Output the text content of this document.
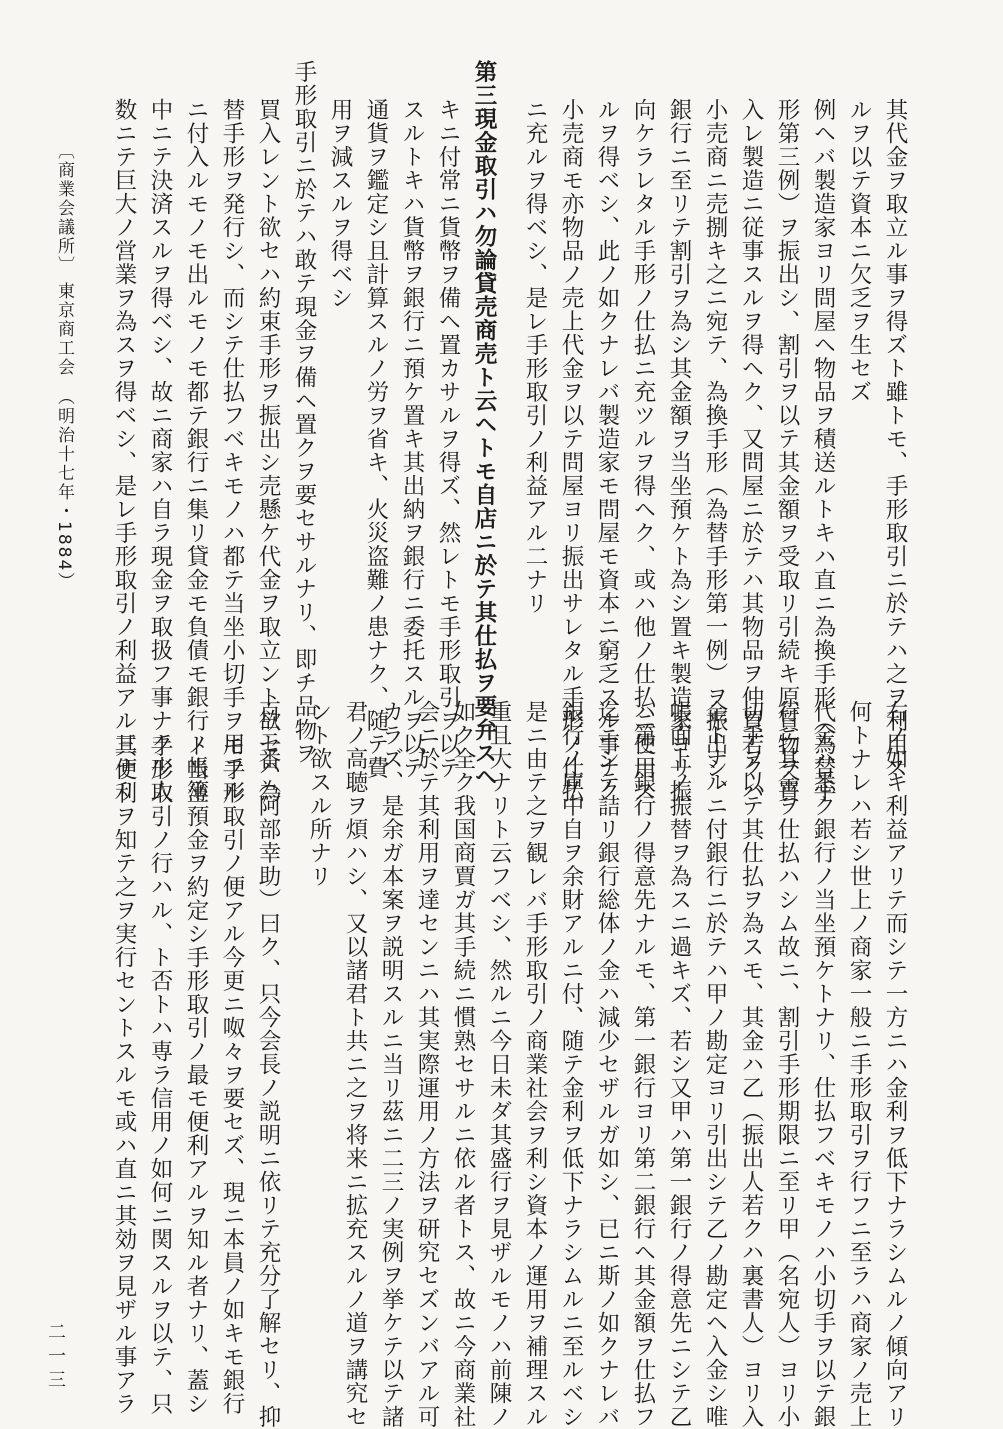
其代金ヲ取立ル事ヲ得ズト雖トモ、手形取引ニ於テハ之ヲ利用ス
ルヲ以テ資本ニ欠乏ヲ生セズ
例ヘバ製造家ヨリ問屋ヘ物品ヲ積送ルトキハ直ニ為換手形（為替手
形第三例）ヲ振出シ、割引ヲ以テ其金額ヲ受取リ引続キ原質物ヲ買
入レ製造ニ従事スルヲ得ヘク、又問屋ニ於テハ其物品ヲ仲買若クハ
小売商ニ売捌キ之ニ宛テ、為換手形（為替手形第一例）ヲ振出シ、
銀行ニ至リテ割引ヲ為シ其金額ヲ当坐預ケト為シ置キ製造家ヨリ振
向ケラレタル手形ノ仕払ニ充ツルヲ得ヘク、或ハ他ノ仕払ニ使用ス
ルヲ得ベシ、此ノ如クナレバ製造家モ問屋モ資本ニ窮乏スル事ナク
小売商モ亦物品ノ売上代金ヲ以テ問屋ヨリ振出サレタル手形ノ仕払
ニ充ルヲ得ベシ、是レ手形取引ノ利益アル二ナリ
第三現金取引ハ勿論貸売商売ト云ヘトモ自店ニ於テ其仕払ヲ要弁スヘ
キニ付常ニ貨幣ヲ備ヘ置カサルヲ得ズ、然レトモ手形取引ヲ以テ
スルトキハ貨幣ヲ銀行ニ預ケ置キ其出納ヲ銀行ニ委托スルヲ以テ
通貨ヲ鑑定シ且計算スルノ労ヲ省キ、火災盗難ノ患ナク、随テ費
用ヲ減スルヲ得ベシ
手形取引ニ於テハ敢テ現金ヲ備ヘ置クヲ要セサルナリ、即チ品物ヲ
買入レント欲セハ約束手形ヲ振出シ売懸ケ代金ヲ取立ント欲セハ為
替手形ヲ発行シ、而シテ仕払フベキモノハ都テ当坐小切手ヲ用フル
ニ付入ルモノモ出ルモノモ都テ銀行ニ集リ貸金モ負債モ銀行ノ帳簿
中ニテ決済スルヲ得ベシ、故ニ商家ハ自ラ現金ヲ取扱フ事ナク少人
数ニテ巨大ノ営業ヲ為スヲ得ベシ、是レ手形取引ノ利益アル三ナリ
右ノ如キ利益アリテ而シテ一方ニハ金利ヲ低下ナラシムルノ傾向アリ
何トナレハ若シ世上ノ商家一般ニ手形取引ヲ行フニ至ラハ商家ノ売上
代金ハ悉ク銀行ノ当坐預ケトナリ、仕払フベキモノハ小切手ヲ以テ銀
行ニ其金ヲ仕払ハシム故ニ、割引手形期限ニ至リ甲（名宛人）ヨリ小
切手ヲ以テ其仕払ヲ為スモ、其金ハ乙（振出人若クハ裏書人）ヨリ入
金トナルニ付銀行ニ於テハ甲ノ勘定ヨリ引出シテ乙ノ勘定ヘ入金シ唯
帳面上ノ振替ヲ為スニ過キズ、若シ又甲ハ第一銀行ノ得意先ニシテ乙
ハ第二銀行ノ得意先ナルモ、第一銀行ヨリ第二銀行ヘ其金額ヲ仕払フ
迄ニシテ詰リ銀行総体ノ金ハ減少セザルガ如シ、已ニ斯ノ如クナレバ
銀行ノ庫中自ヲ余財アルニ付、随テ金利ヲ低下ナラシムルニ至ルベシ
是ニ由テ之ヲ観レバ手形取引ノ商業社会ヲ利シ資本ノ運用ヲ補理スル
重且大ナリト云フベシ、然ルニ今日未ダ其盛行ヲ見ザルモノハ前陳ノ
如ク全ク我国商賈ガ其手続ニ慣熟セサルニ依ル者トス、故ニ今商業社
会ニ於テ其利用ヲ達センニハ其実際運用ノ方法ヲ研究セズンバアル可
カラズ、是余ガ本案ヲ説明スルニ当リ茲ニ二三ノ実例ヲ挙ケテ以テ諸
君ノ高聴ヲ煩ハシ、又以諸君ト共ニ之ヲ将来ニ拡充スルノ道ヲ講究セ
ント欲スル所ナリ
百三番（阿部幸助）曰ク、只今会長ノ説明ニ依リテ充分了解セリ、抑
モ手形取引ノ便アル今更ニ呶々ヲ要セズ、現ニ本員ノ如キモ銀行
ト当坐預金ヲ約定シ手形取引ノ最モ便利アルヲ知ル者ナリ、蓋シ
手形取引ノ行ハル、ト否トハ専ラ信用ノ如何ニ関スルヲ以テ、只
其便利ヲ知テ之ヲ実行セントスルモ或ハ直ニ其効ヲ見ザル事アラ
〔商業会議所〕
東京商工会
（明治十七年・1884）
二一三
